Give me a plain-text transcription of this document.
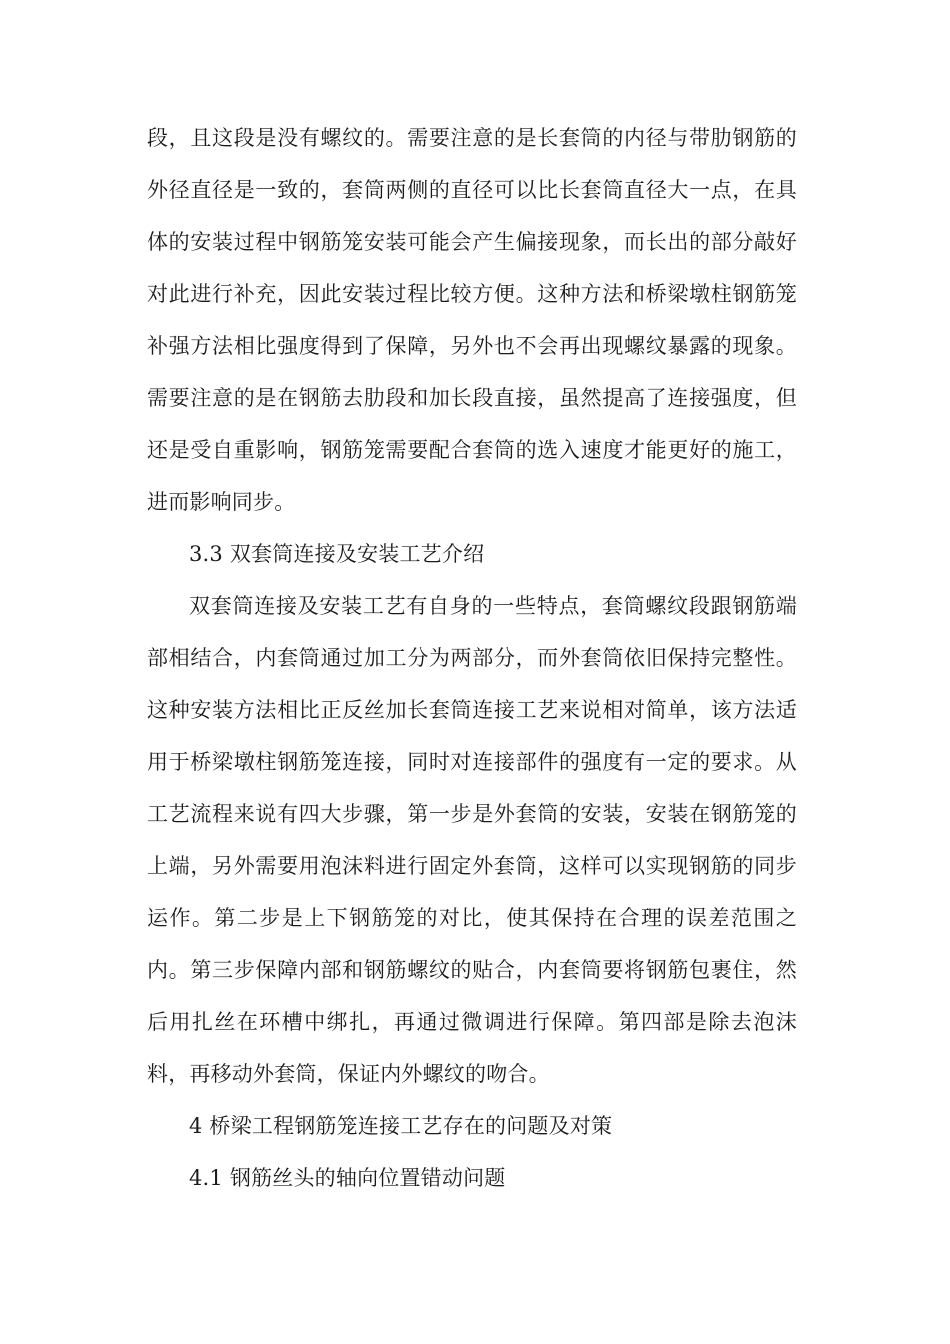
段，且这段是没有螺纹的。需要注意的是长套筒的内径与带肋钢筋的外径直径是一致的，套筒两侧的直径可以比长套筒直径大一点，在具体的安装过程中钢筋笼安装可能会产生偏接现象，而长出的部分敲好对此进行补充，因此安装过程比较方便。这种方法和桥梁墩柱钢筋笼补强方法相比强度得到了保障，另外也不会再出现螺纹暴露的现象。需要注意的是在钢筋去肋段和加长段直接，虽然提高了连接强度，但还是受自重影响，钢筋笼需要配合套筒的选入速度才能更好的施工，进而影响同步。

3.3 双套筒连接及安装工艺介绍

双套筒连接及安装工艺有自身的一些特点，套筒螺纹段跟钢筋端部相结合，内套筒通过加工分为两部分，而外套筒依旧保持完整性。这种安装方法相比正反丝加长套筒连接工艺来说相对简单，该方法适用于桥梁墩柱钢筋笼连接，同时对连接部件的强度有一定的要求。从工艺流程来说有四大步骤，第一步是外套筒的安装，安装在钢筋笼的上端，另外需要用泡沫料进行固定外套筒，这样可以实现钢筋的同步运作。第二步是上下钢筋笼的对比，使其保持在合理的误差范围之内。第三步保障内部和钢筋螺纹的贴合，内套筒要将钢筋包裹住，然后用扎丝在环槽中绑扎，再通过微调进行保障。第四部是除去泡沫料，再移动外套筒，保证内外螺纹的吻合。

4 桥梁工程钢筋笼连接工艺存在的问题及对策

4.1 钢筋丝头的轴向位置错动问题
